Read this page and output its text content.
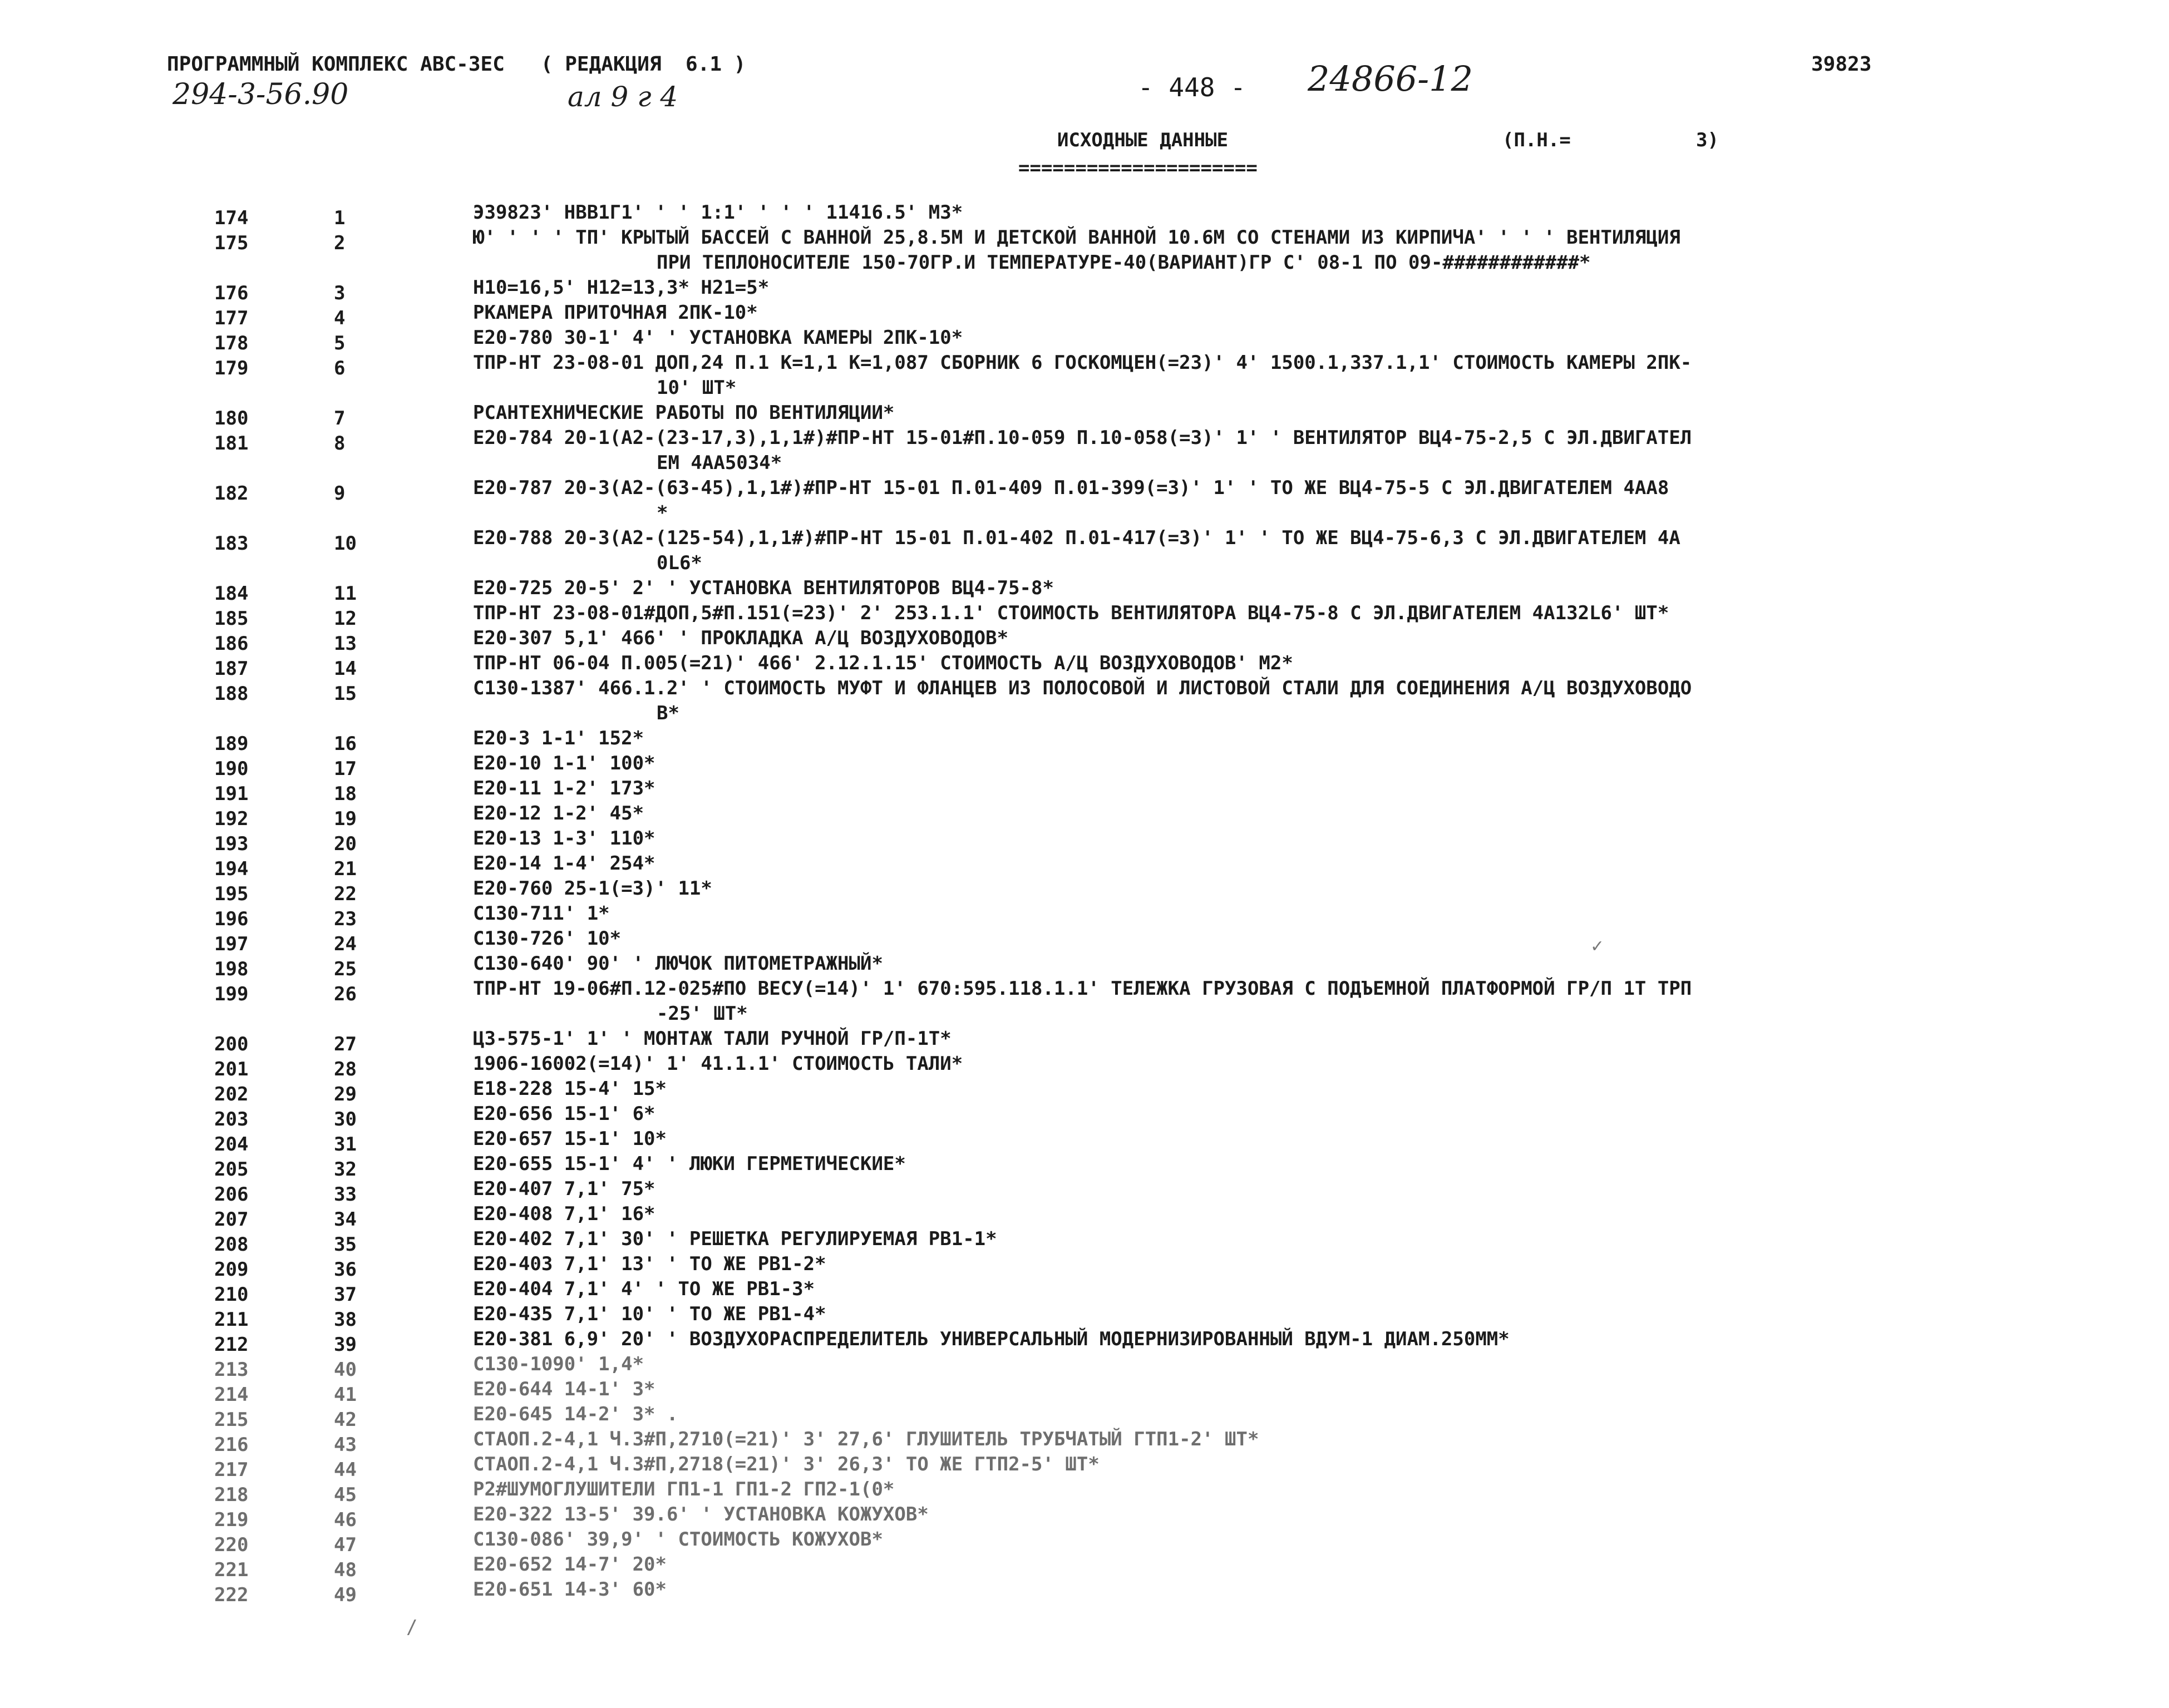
ПРОГРАММНЫЙ КОМПЛЕКС АВС-3ЕС   ( РЕДАКЦИЯ  6.1 )
294-3-56.90	ал 9 г 4	- 448 - 24866-12	39823
ИСХОДНЫЕ ДАННЫЕ	(П.Н.=           3)
=====================
174	1	Э39823' НВВ1Г1' ' ' 1:1' ' ' ' 11416.5' М3*
175	2	Ю' ' ' ' ТП' КРЫТЫЙ БАССЕЙ С ВАННОЙ 25,8.5М И ДЕТСКОЙ ВАННОЙ 10.6М СО СТЕНАМИ ИЗ КИРПИЧА' ' ' ' ВЕНТИЛЯЦИЯ
ПРИ ТЕПЛОНОСИТЕЛЕ 150-70ГР.И ТЕМПЕРАТУРЕ-40(ВАРИАНТ)ГР С' 08-1 ПО 09-############*
176	3	Н10=16,5' Н12=13,3* Н21=5*
177	4	РКАМЕРА ПРИТОЧНАЯ 2ПК-10*
178	5	Е20-780 30-1' 4' ' УСТАНОВКА КАМЕРЫ 2ПК-10*
179	6	ТПР-НТ 23-08-01 ДОП,24 П.1 К=1,1 К=1,087 СБОРНИК 6 ГОСКОМЦЕН(=23)' 4' 1500.1,337.1,1' СТОИМОСТЬ КАМЕРЫ 2ПК-
10' ШТ*
180	7	РСАНТЕХНИЧЕСКИЕ РАБОТЫ ПО ВЕНТИЛЯЦИИ*
181	8	Е20-784 20-1(А2-(23-17,3),1,1#)#ПР-НТ 15-01#П.10-059 П.10-058(=3)' 1' ' ВЕНТИЛЯТОР ВЦ4-75-2,5 С ЭЛ.ДВИГАТЕЛ
ЕМ 4АА5034*
182	9	Е20-787 20-3(А2-(63-45),1,1#)#ПР-НТ 15-01 П.01-409 П.01-399(=3)' 1' ' ТО ЖЕ ВЦ4-75-5 С ЭЛ.ДВИГАТЕЛЕМ 4АА8
*
183	10	Е20-788 20-3(А2-(125-54),1,1#)#ПР-НТ 15-01 П.01-402 П.01-417(=3)' 1' ' ТО ЖЕ ВЦ4-75-6,3 С ЭЛ.ДВИГАТЕЛЕМ 4А
0L6*
184	11	Е20-725 20-5' 2' ' УСТАНОВКА ВЕНТИЛЯТОРОВ ВЦ4-75-8*
185	12	ТПР-НТ 23-08-01#ДОП,5#П.151(=23)' 2' 253.1.1' СТОИМОСТЬ ВЕНТИЛЯТОРА ВЦ4-75-8 С ЭЛ.ДВИГАТЕЛЕМ 4А132L6' ШТ*
186	13	Е20-307 5,1' 466' ' ПРОКЛАДКА А/Ц ВОЗДУХОВОДОВ*
187	14	ТПР-НТ 06-04 П.005(=21)' 466' 2.12.1.15' СТОИМОСТЬ А/Ц ВОЗДУХОВОДОВ' М2*
188	15	С130-1387' 466.1.2' ' СТОИМОСТЬ МУФТ И ФЛАНЦЕВ ИЗ ПОЛОСОВОЙ И ЛИСТОВОЙ СТАЛИ ДЛЯ СОЕДИНЕНИЯ А/Ц ВОЗДУХОВОДО
В*
189	16	Е20-3 1-1' 152*
190	17	Е20-10 1-1' 100*
191	18	Е20-11 1-2' 173*
192	19	Е20-12 1-2' 45*
193	20	Е20-13 1-3' 110*
194	21	Е20-14 1-4' 254*
195	22	Е20-760 25-1(=3)' 11*
196	23	С130-711' 1*
197	24	С130-726' 10*
198	25	С130-640' 90' ' ЛЮЧОК ПИТОМЕТРАЖНЫЙ*
199	26	ТПР-НТ 19-06#П.12-025#ПО ВЕСУ(=14)' 1' 670:595.118.1.1' ТЕЛЕЖКА ГРУЗОВАЯ С ПОДЪЕМНОЙ ПЛАТФОРМОЙ ГР/П 1Т ТРП
-25' ШТ*
200	27	Ц3-575-1' 1' ' МОНТАЖ ТАЛИ РУЧНОЙ ГР/П-1Т*
201	28	1906-16002(=14)' 1' 41.1.1' СТОИМОСТЬ ТАЛИ*
202	29	Е18-228 15-4' 15*
203	30	Е20-656 15-1' 6*
204	31	Е20-657 15-1' 10*
205	32	Е20-655 15-1' 4' ' ЛЮКИ ГЕРМЕТИЧЕСКИЕ*
206	33	Е20-407 7,1' 75*
207	34	Е20-408 7,1' 16*
208	35	Е20-402 7,1' 30' ' РЕШЕТКА РЕГУЛИРУЕМАЯ РВ1-1*
209	36	Е20-403 7,1' 13' ' ТО ЖЕ РВ1-2*
210	37	Е20-404 7,1' 4' ' ТО ЖЕ РВ1-3*
211	38	Е20-435 7,1' 10' ' ТО ЖЕ РВ1-4*
212	39	Е20-381 6,9' 20' ' ВОЗДУХОРАСПРЕДЕЛИТЕЛЬ УНИВЕРСАЛЬНЫЙ МОДЕРНИЗИРОВАННЫЙ ВДУМ-1 ДИАМ.250ММ*
213	40	С130-1090' 1,4*
214	41	Е20-644 14-1' 3*
215	42	Е20-645 14-2' 3* .
216	43	СТАОП.2-4,1 Ч.3#П,2710(=21)' 3' 27,6' ГЛУШИТЕЛЬ ТРУБЧАТЫЙ ГТП1-2' ШТ*
217	44	СТАОП.2-4,1 Ч.3#П,2718(=21)' 3' 26,3' ТО ЖЕ ГТП2-5' ШТ*
218	45	Р2#ШУМОГЛУШИТЕЛИ ГП1-1 ГП1-2 ГП2-1(0*
219	46	Е20-322 13-5' 39.6' ' УСТАНОВКА КОЖУХОВ*
220	47	С130-086' 39,9' ' СТОИМОСТЬ КОЖУХОВ*
221	48	Е20-652 14-7' 20*
222	49	Е20-651 14-3' 60*
✓
/
